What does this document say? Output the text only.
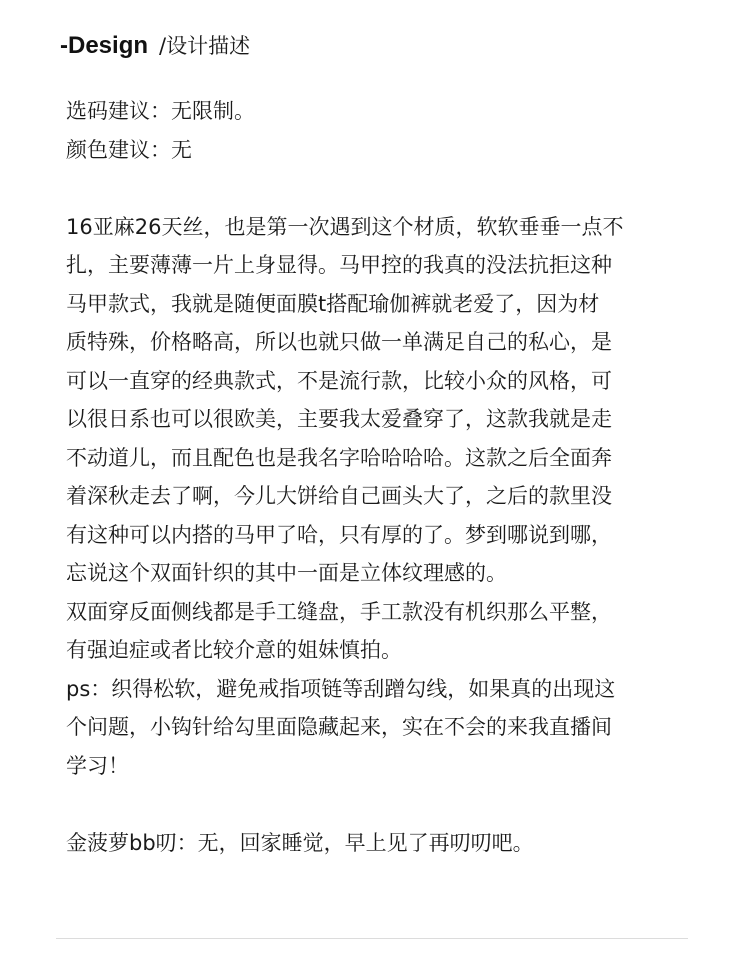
-Design /设计描述
选码建议：无限制。
颜色建议：无
16亚麻26天丝，也是第一次遇到这个材质，软软垂垂一点不
扎，主要薄薄一片上身显得。马甲控的我真的没法抗拒这种
马甲款式，我就是随便面膜t搭配瑜伽裤就老爱了，因为材
质特殊，价格略高，所以也就只做一单满足自己的私心，是
可以一直穿的经典款式，不是流行款，比较小众的风格，可
以很日系也可以很欧美，主要我太爱叠穿了，这款我就是走
不动道儿，而且配色也是我名字哈哈哈哈。这款之后全面奔
着深秋走去了啊，今儿大饼给自己画头大了，之后的款里没
有这种可以内搭的马甲了哈，只有厚的了。梦到哪说到哪，
忘说这个双面针织的其中一面是立体纹理感的。
双面穿反面侧线都是手工缝盘，手工款没有机织那么平整，
有强迫症或者比较介意的姐妹慎拍。
ps：织得松软，避免戒指项链等刮蹭勾线，如果真的出现这
个问题，小钩针给勾里面隐藏起来，实在不会的来我直播间
学习！
金菠萝bb叨：无，回家睡觉，早上见了再叨叨吧。
